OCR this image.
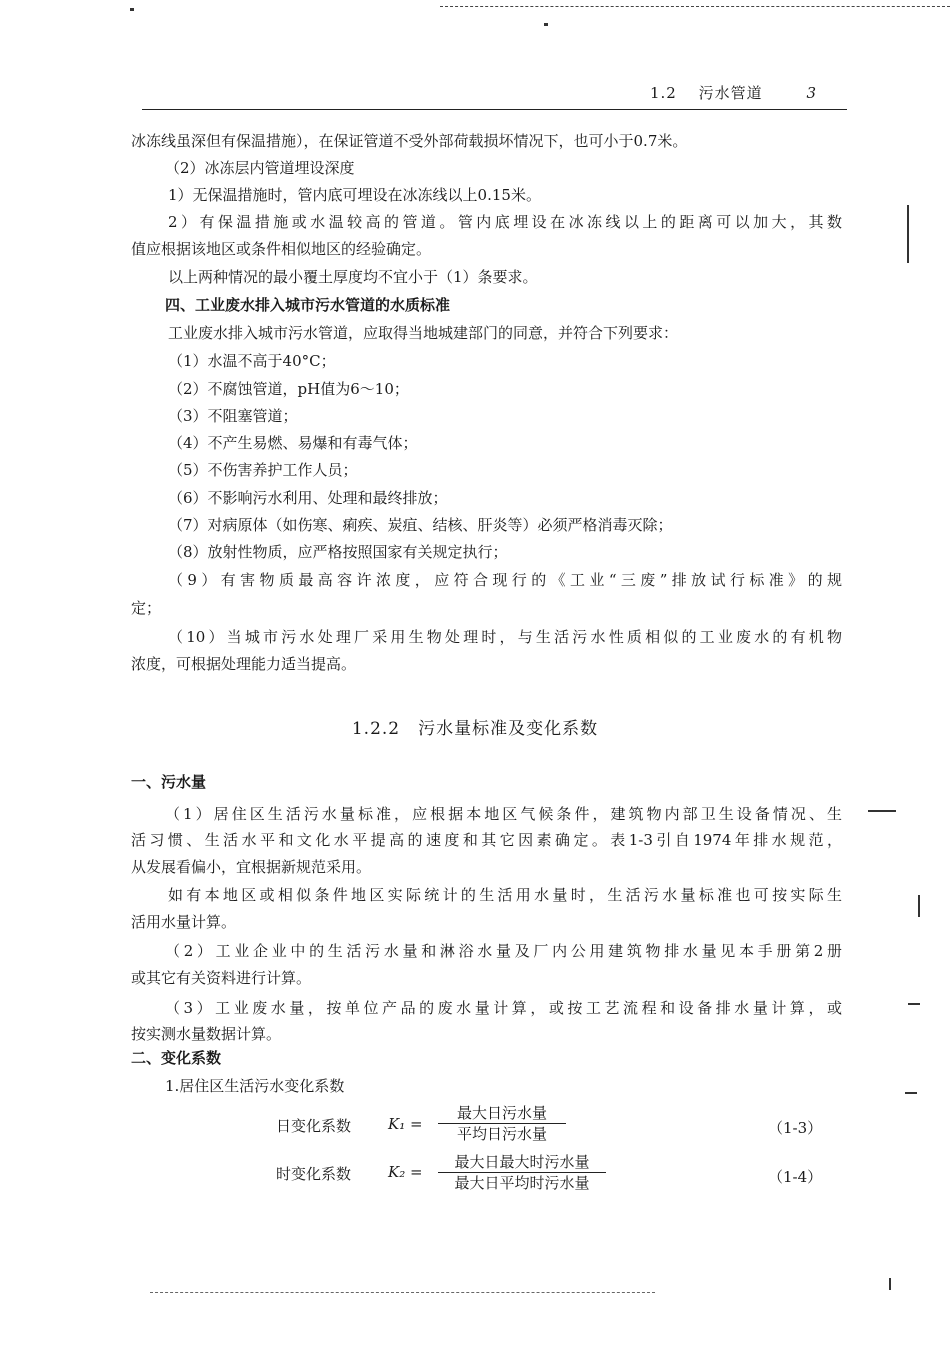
1.2 污水管道	3
冰冻线虽深但有保温措施），在保证管道不受外部荷载损坏情况下，也可小于0.7米。
（2）冰冻层内管道埋设深度
1）无保温措施时，管内底可埋设在冰冻线以上0.15米。
2）有保温措施或水温较高的管道。管内底埋设在冰冻线以上的距离可以加大，其数
值应根据该地区或条件相似地区的经验确定。
以上两种情况的最小覆土厚度均不宜小于（1）条要求。
四、工业废水排入城市污水管道的水质标准
工业废水排入城市污水管道，应取得当地城建部门的同意，并符合下列要求：
（1）水温不高于40°C；
（2）不腐蚀管道，pH值为6～10；
（3）不阻塞管道；
（4）不产生易燃、易爆和有毒气体；
（5）不伤害养护工作人员；
（6）不影响污水利用、处理和最终排放；
（7）对病原体（如伤寒、痢疾、炭疽、结核、肝炎等）必须严格消毒灭除；
（8）放射性物质，应严格按照国家有关规定执行；
（9）有害物质最高容许浓度，应符合现行的《工业“三废”排放试行标准》的规
定；
（10）当城市污水处理厂采用生物处理时，与生活污水性质相似的工业废水的有机物
浓度，可根据处理能力适当提高。
1.2.2　污水量标准及变化系数
一、污水量
（1）居住区生活污水量标准，应根据本地区气候条件，建筑物内部卫生设备情况、生
活习惯、生活水平和文化水平提高的速度和其它因素确定。表1-3引自1974年排水规范，
从发展看偏小，宜根据新规范采用。
如有本地区或相似条件地区实际统计的生活用水量时，生活污水量标准也可按实际生
活用水量计算。
（2）工业企业中的生活污水量和淋浴水量及厂内公用建筑物排水量见本手册第2册
或其它有关资料进行计算。
（3）工业废水量，按单位产品的废水量计算，或按工艺流程和设备排水量计算，或
按实测水量数据计算。
二、变化系数
1.居住区生活污水变化系数
日变化系数 K₁ =
最大日污水量
平均日污水量	（1-3）
时变化系数 K₂ =
最大日最大时污水量
最大日平均时污水量	（1-4）
